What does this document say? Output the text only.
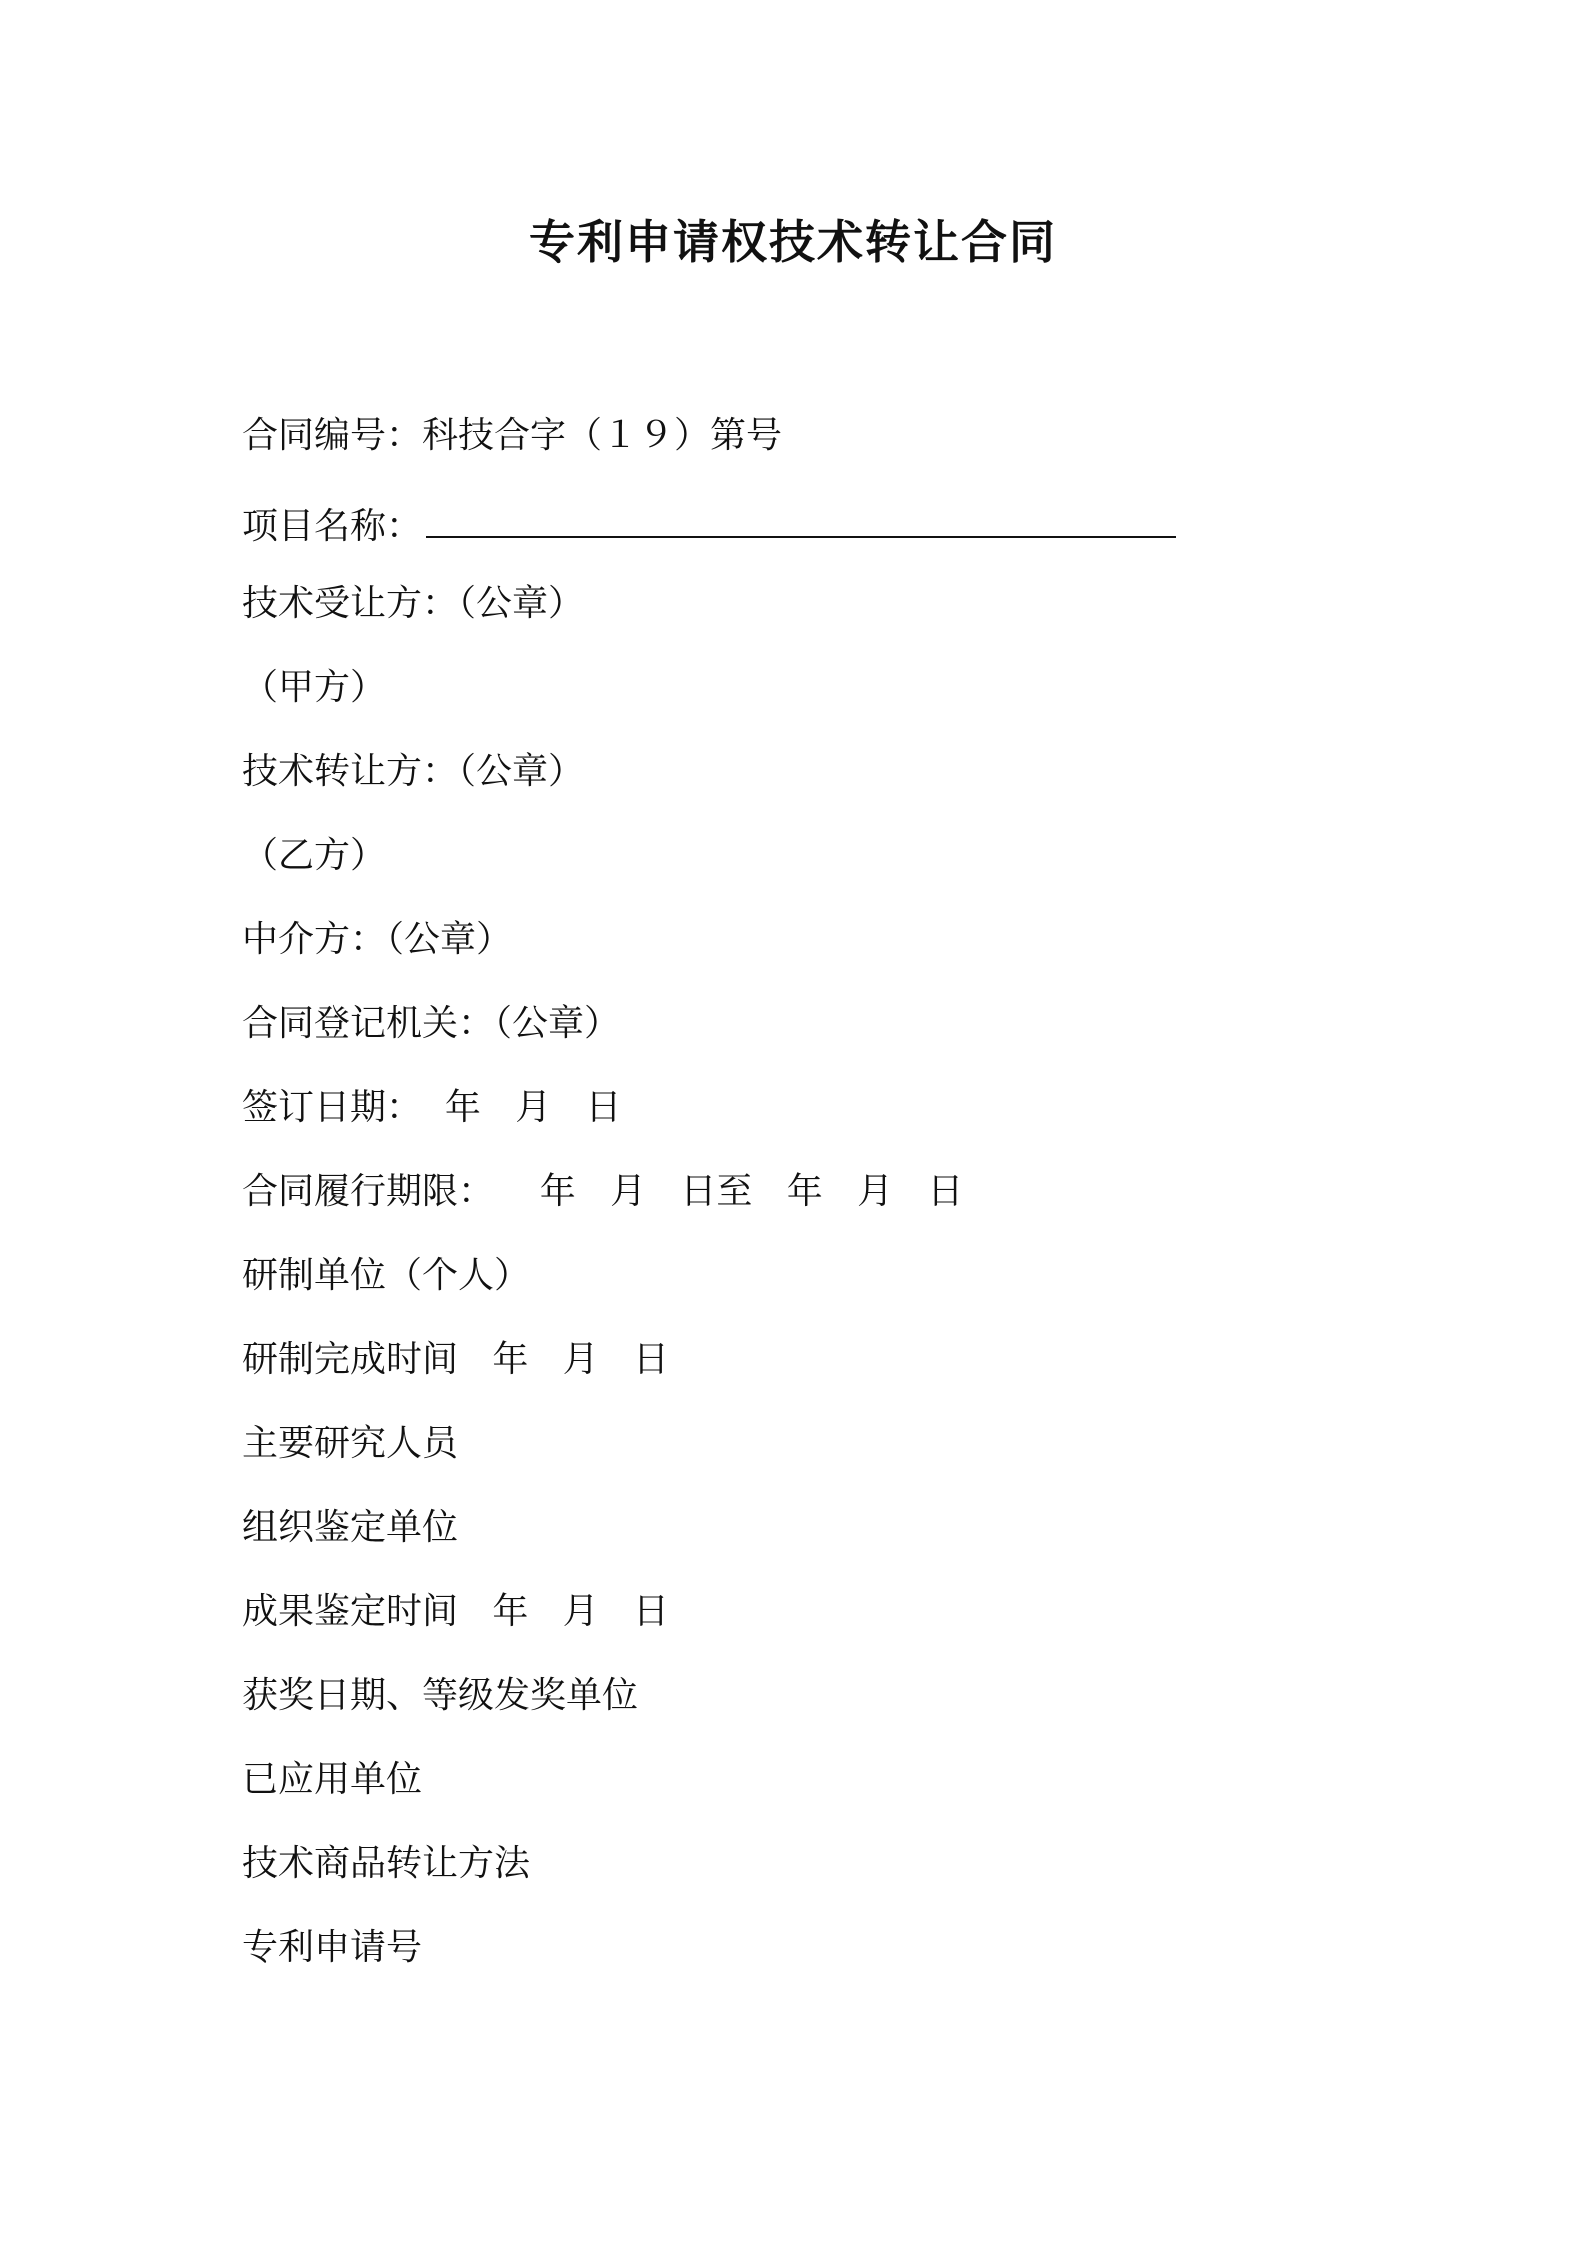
专利申请权技术转让合同
合同编号：科技合字（１９）第号
项目名称：
技术受让方：（公章）
（甲方）
技术转让方：（公章）
（乙方）
中介方：（公章）
合同登记机关：（公章）
签订日期：  年   月   日
合同履行期限：    年   月   日至   年   月   日
研制单位（个人）
研制完成时间   年   月   日
主要研究人员
组织鉴定单位
成果鉴定时间   年   月   日
获奖日期、等级发奖单位
已应用单位
技术商品转让方法
专利申请号
